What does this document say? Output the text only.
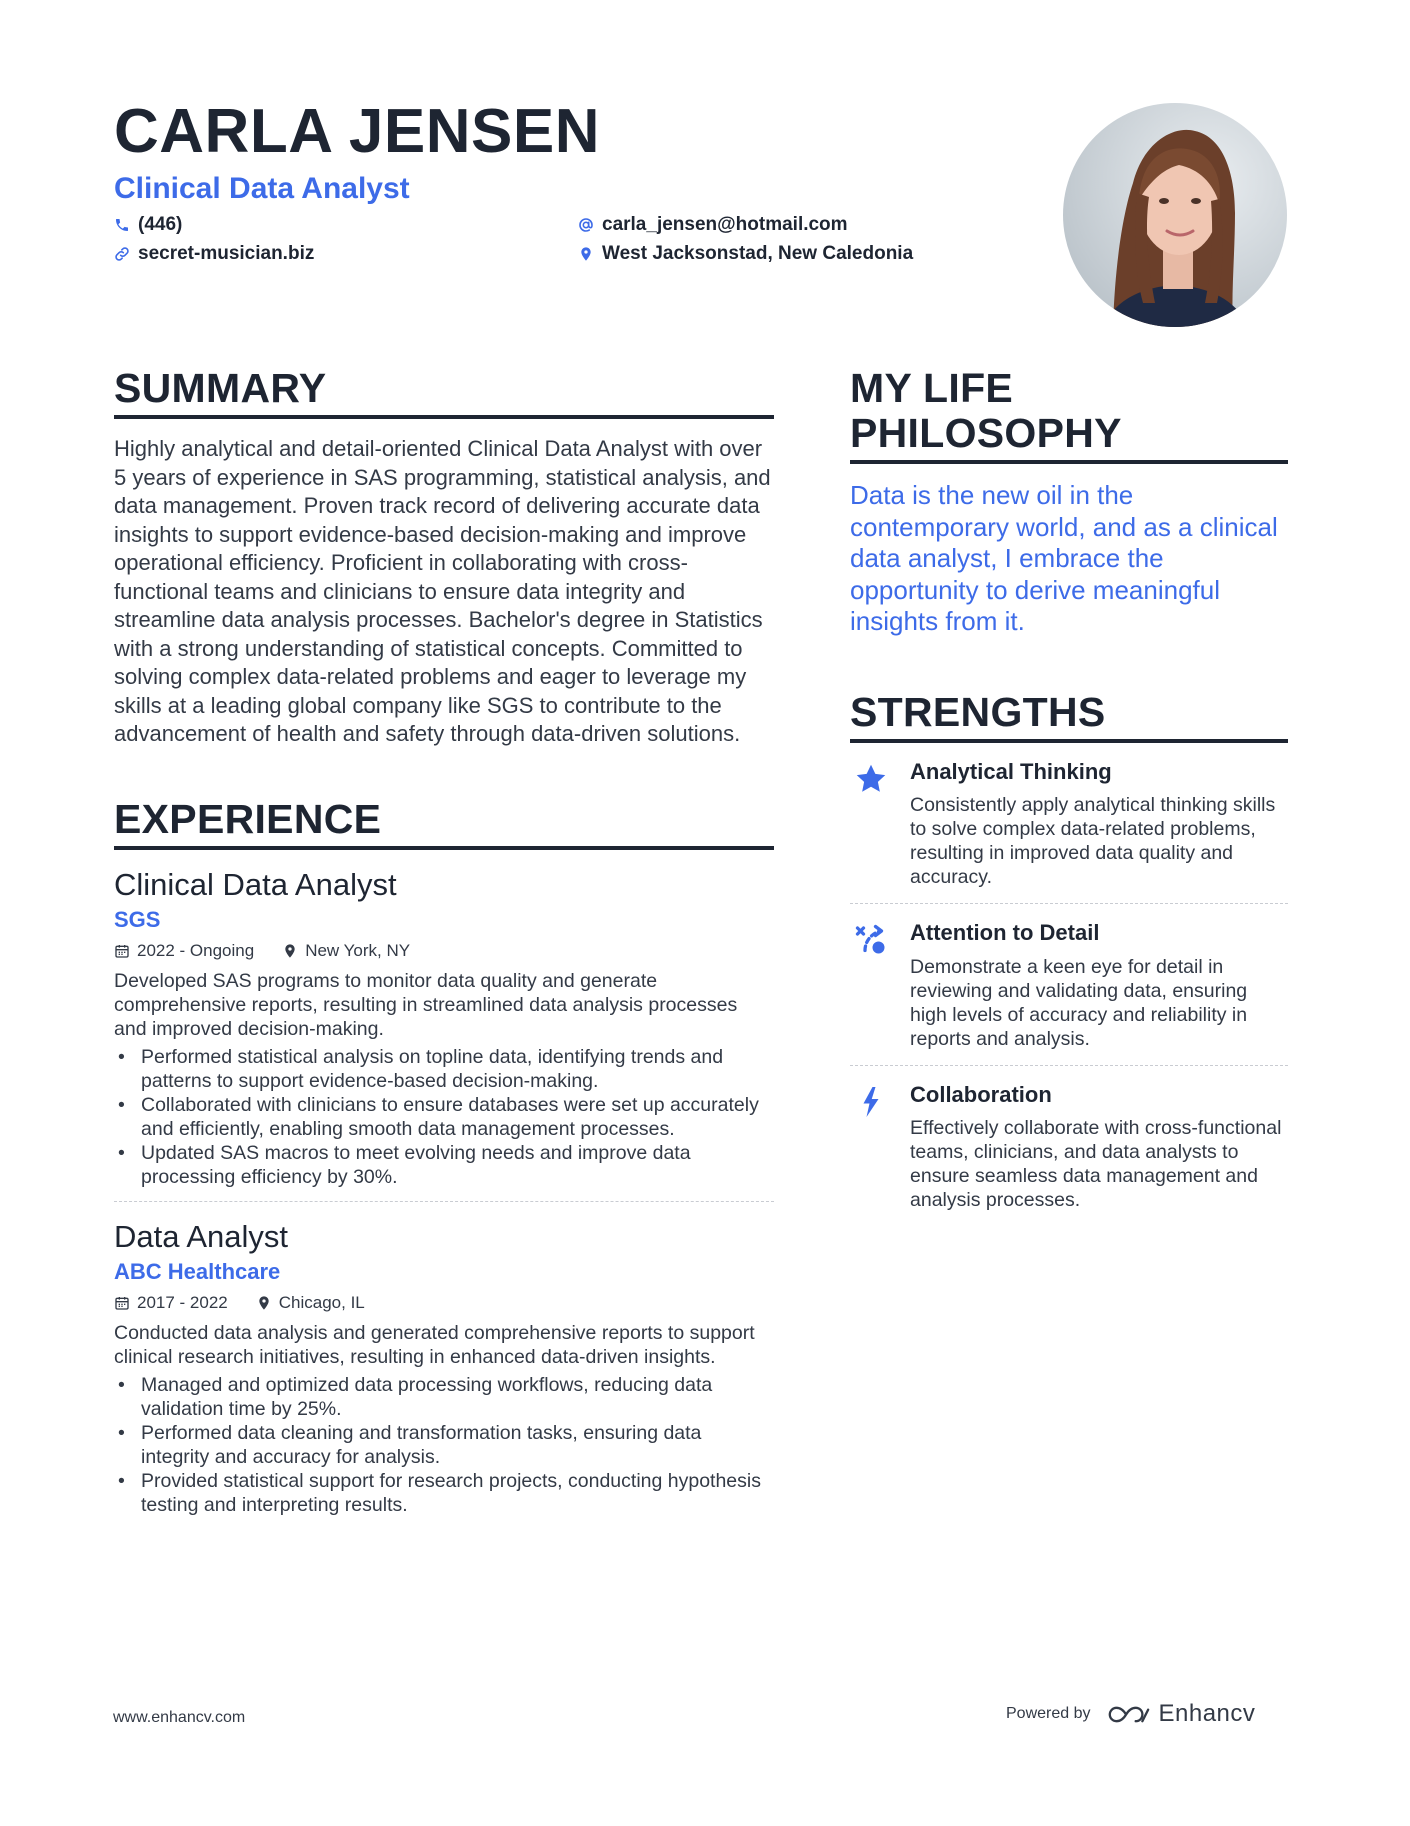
CARLA JENSEN
Clinical Data Analyst
(446)	carla_jensen@hotmail.com
secret-musician.biz	West Jacksonstad, New Caledonia
SUMMARY

Highly analytical and detail-oriented Clinical Data Analyst with over 5 years of experience in SAS programming, statistical analysis, and data management. Proven track record of delivering accurate data insights to support evidence-based decision-making and improve operational efficiency. Proficient in collaborating with cross-functional teams and clinicians to ensure data integrity and streamline data analysis processes. Bachelor's degree in Statistics with a strong understanding of statistical concepts. Committed to solving complex data-related problems and eager to leverage my skills at a leading global company like SGS to contribute to the advancement of health and safety through data-driven solutions.

EXPERIENCE
Clinical Data Analyst
SGS
2022 - Ongoing	New York, NY

Developed SAS programs to monitor data quality and generate comprehensive reports, resulting in streamlined data analysis processes and improved decision-making.

• Performed statistical analysis on topline data, identifying trends and patterns to support evidence-based decision-making.
• Collaborated with clinicians to ensure databases were set up accurately and efficiently, enabling smooth data management processes.
• Updated SAS macros to meet evolving needs and improve data processing efficiency by 30%.
Data Analyst
ABC Healthcare
2017 - 2022	Chicago, IL

Conducted data analysis and generated comprehensive reports to support clinical research initiatives, resulting in enhanced data-driven insights.

• Managed and optimized data processing workflows, reducing data validation time by 25%.
• Performed data cleaning and transformation tasks, ensuring data integrity and accuracy for analysis.
• Provided statistical support for research projects, conducting hypothesis testing and interpreting results.
MY LIFE PHILOSOPHY

Data is the new oil in the contemporary world, and as a clinical data analyst, I embrace the opportunity to derive meaningful insights from it.

STRENGTHS
Analytical Thinking

Consistently apply analytical thinking skills to solve complex data-related problems, resulting in improved data quality and accuracy.

Attention to Detail

Demonstrate a keen eye for detail in reviewing and validating data, ensuring high levels of accuracy and reliability in reports and analysis.

Collaboration

Effectively collaborate with cross-functional teams, clinicians, and data analysts to ensure seamless data management and analysis processes.

www.enhancv.com	Powered by	Enhancv
